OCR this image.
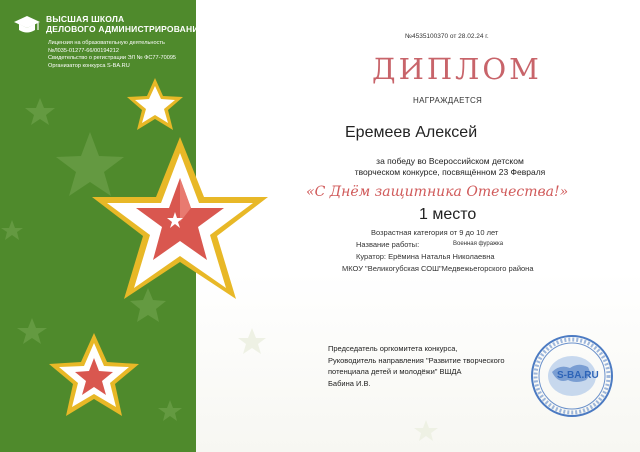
ВЫСШАЯ ШКОЛА
ДЕЛОВОГО АДМИНИСТРИРОВАНИЯ
Лицензия на образовательную деятельность
№Л035-01277-66/00194212
Свидетельство о регистрации ЭЛ № ФС77-70095
Организатор конкурса S-BA.RU
№4535100370 от 28.02.24 г.
ДИПЛОМ
НАГРАЖДАЕТСЯ
Еремеев Алексей
за победу во Всероссийском детском
творческом конкурсе, посвящённом 23 Февраля
«С Днём защитника Отечества!»
1 место
Возрастная категория от 9 до 10 лет
Название работы:	Военная фуражка
Куратор: Ерёмина Наталья Николаевна
МКОУ "Великогубская СОШ"Медвежьегорского района
Председатель оргкомитета конкурса,
Руководитель направления "Развитие творческого
потенциала детей и молодёжи" ВШДА
Бабина И.В.
S-BA.RU
